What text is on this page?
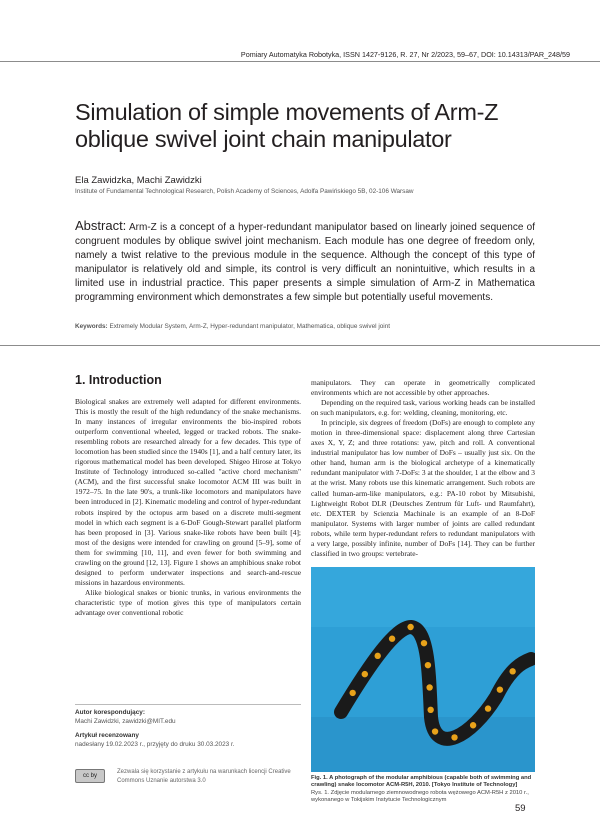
Pomiary Automatyka Robotyka, ISSN 1427-9126, R. 27, Nr 2/2023, 59–67, DOI: 10.14313/PAR_248/59
Simulation of simple movements of Arm-Z oblique swivel joint chain manipulator
Ela Zawidzka, Machi Zawidzki
Institute of Fundamental Technological Research, Polish Academy of Sciences, Adolfa Pawińskiego 5B, 02-106 Warsaw
Abstract: Arm-Z is a concept of a hyper-redundant manipulator based on linearly joined sequence of congruent modules by oblique swivel joint mechanism. Each module has one degree of freedom only, namely a twist relative to the previous module in the sequence. Although the concept of this type of manipulator is relatively old and simple, its control is very difficult an nonintuitive, which results in a limited use in industrial practice. This paper presents a simple simulation of Arm-Z in Mathematica programming environment which demonstrates a few simple but potentially useful movements.
Keywords: Extremely Modular System, Arm-Z, Hyper-redundant manipulator, Mathematica, oblique swivel joint
1. Introduction

Biological snakes are extremely well adapted for different environments. This is mostly the result of the high redundancy of the snake mechanisms. In many instances of irregular environments the bio-inspired robots outperform conventional wheeled, legged or tracked robots. The snake-resembling robots are researched already for a few decades. This type of locomotion has been studied since the 1940s [1], and a half century later, its rigorous mathematical model has been developed. Shigeo Hirose at Tokyo Institute of Technology introduced so-called "active chord mechanism" (ACM), and the first successful snake locomotor ACM III was built in 1972–75. In the late 90's, a trunk-like locomotors and manipulators have been introduced in [2]. Kinematic modeling and control of hyper-redundant robots inspired by the octopus arm based on a discrete multi-segment model in which each segment is a 6-DoF Gough-Stewart parallel platform has been proposed in [3]. Various snake-like robots have been built [4]; most of the designs were intended for crawling on ground [5–9], some of them for swimming [10, 11], and even fewer for both swimming and crawling on the ground [12, 13]. Figure 1 shows an amphibious snake robot designed to perform underwater inspections and search-and-rescue missions in hazardous environments.

Alike biological snakes or bionic trunks, in various environments the characteristic type of motion gives this type of manipulators certain advantage over conventional robotic

manipulators. They can operate in geometrically complicated environments which are not accessible by other approaches.

Depending on the required task, various working heads can be installed on such manipulators, e.g. for: welding, cleaning, monitoring, etc.

In principle, six degrees of freedom (DoFs) are enough to complete any motion in three-dimensional space: displacement along three Cartesian axes X, Y, Z; and three rotations: yaw, pitch and roll. A conventional industrial manipulator has low number of DoFs – usually just six. On the other hand, human arm is the biological archetype of a kinematically redundant manipulator with 7-DoFs: 3 at the shoulder, 1 at the elbow and 3 at the wrist. Many robots use this kinematic arrangement. Such robots are called human-arm-like manipulators, e.g.: PA-10 robot by Mitsubishi, Lightweight Robot DLR (Deutsches Zentrum für Luft- und Raumfahrt), etc. DEXTER by Scienzia Machinale is an example of an 8-DoF manipulator. Systems with larger number of joints are called redundant robots, while term hyper-redundant refers to redundant manipulators with a very large, possibly infinite, number of DoFs [14]. They can be further classified in two groups: vertebrate-

Autor korespondujący:
Machi Zawidzki, zawidzki@MIT.edu
Artykuł recenzowany
nadesłany 19.02.2023 r., przyjęty do druku 30.03.2023 r.
cc by
Zezwala się korzystanie z artykułu na warunkach licencji Creative Commons Uznanie autorstwa 3.0	Fig. 1. A photograph of the modular amphibious (capable both of swimming and crawling) snake locomotor ACM-R5H, 2010. [Tokyo Institute of Technology]
Rys. 1. Zdjęcie modularnego ziemnowodnego robota wężowego ACM-R5H z 2010 r., wykonanego w Tokijskim Instytucie Technologicznym
59
